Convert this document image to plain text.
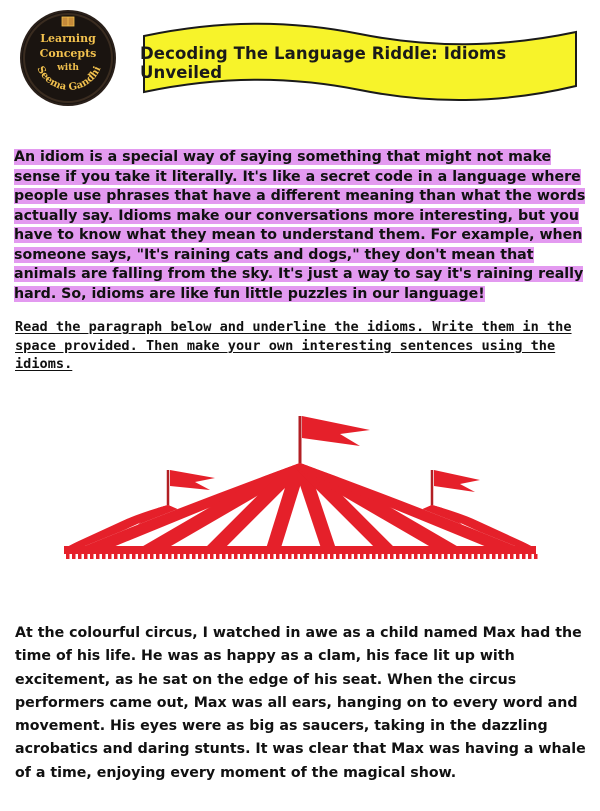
Learning
Concepts
with
Seema Gandhi
Decoding The Language Riddle: Idioms Unveiled
An idiom is a special way of saying something that might not make sense if you take it literally. It's like a secret code in a language where people use phrases that have a different meaning than what the words actually say. Idioms make our conversations more interesting, but you have to know what they mean to understand them. For example, when someone says, "It's raining cats and dogs," they don't mean that animals are falling from the sky. It's just a way to say it's raining really hard. So, idioms are like fun little puzzles in our language!
Read the paragraph below and underline the idioms. Write them in the space provided. Then make your own interesting sentences using the idioms.
At the colourful circus, I watched in awe as a child named Max had the time of his life. He was as happy as a clam, his face lit up with excitement, as he sat on the edge of his seat. When the circus performers came out, Max was all ears, hanging on to every word and movement. His eyes were as big as saucers, taking in the dazzling acrobatics and daring stunts. It was clear that Max was having a whale of a time, enjoying every moment of the magical show.
